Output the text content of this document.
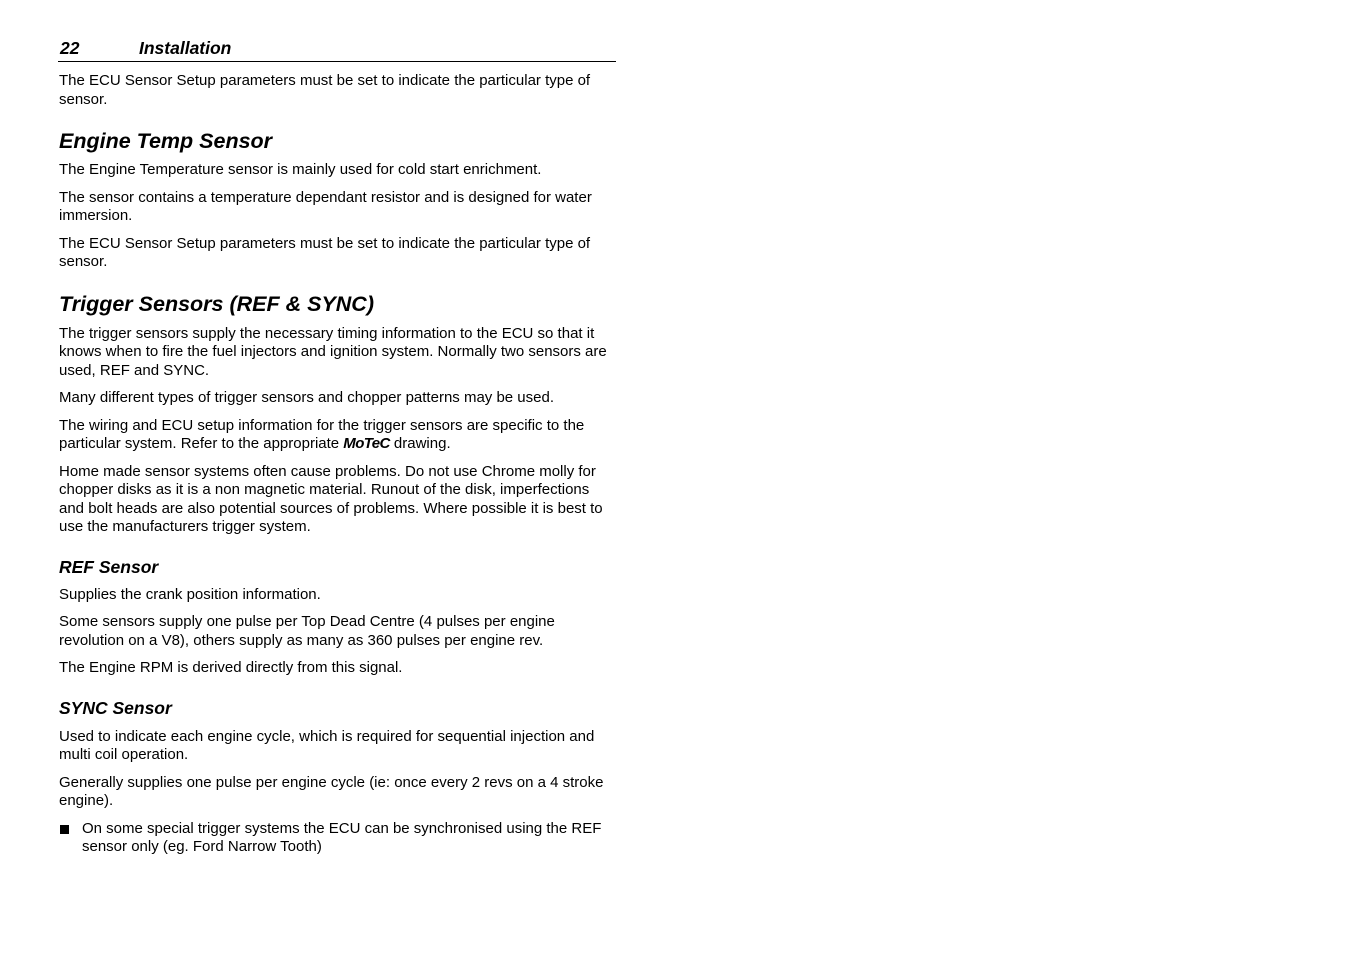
22	Installation

The ECU Sensor Setup parameters must be set to indicate the particular type of sensor.

Engine Temp Sensor

The Engine Temperature sensor is mainly used for cold start enrichment.

The sensor contains a temperature dependant resistor and is designed for water immersion.

The ECU Sensor Setup parameters must be set to indicate the particular type of sensor.

Trigger Sensors (REF & SYNC)

The trigger sensors supply the necessary timing information to the ECU so that it knows when to fire the fuel injectors and ignition system. Normally two sensors are used, REF and SYNC.

Many different types of trigger sensors and chopper patterns may be used.

The wiring and ECU setup information for the trigger sensors are specific to the particular system. Refer to the appropriate MoTeC drawing.

Home made sensor systems often cause problems. Do not use Chrome molly for chopper disks as it is a non magnetic material. Runout of the disk, imperfections and bolt heads are also potential sources of problems. Where possible it is best to use the manufacturers trigger system.

REF Sensor

Supplies the crank position information.

Some sensors supply one pulse per Top Dead Centre (4 pulses per engine revolution on a V8), others supply as many as 360 pulses per engine rev.

The Engine RPM is derived directly from this signal.

SYNC Sensor

Used to indicate each engine cycle, which is required for sequential injection and multi coil operation.

Generally supplies one pulse per engine cycle (ie: once every 2 revs on a 4 stroke engine).

On some special trigger systems the ECU can be synchronised using the REF sensor only (eg. Ford Narrow Tooth)
